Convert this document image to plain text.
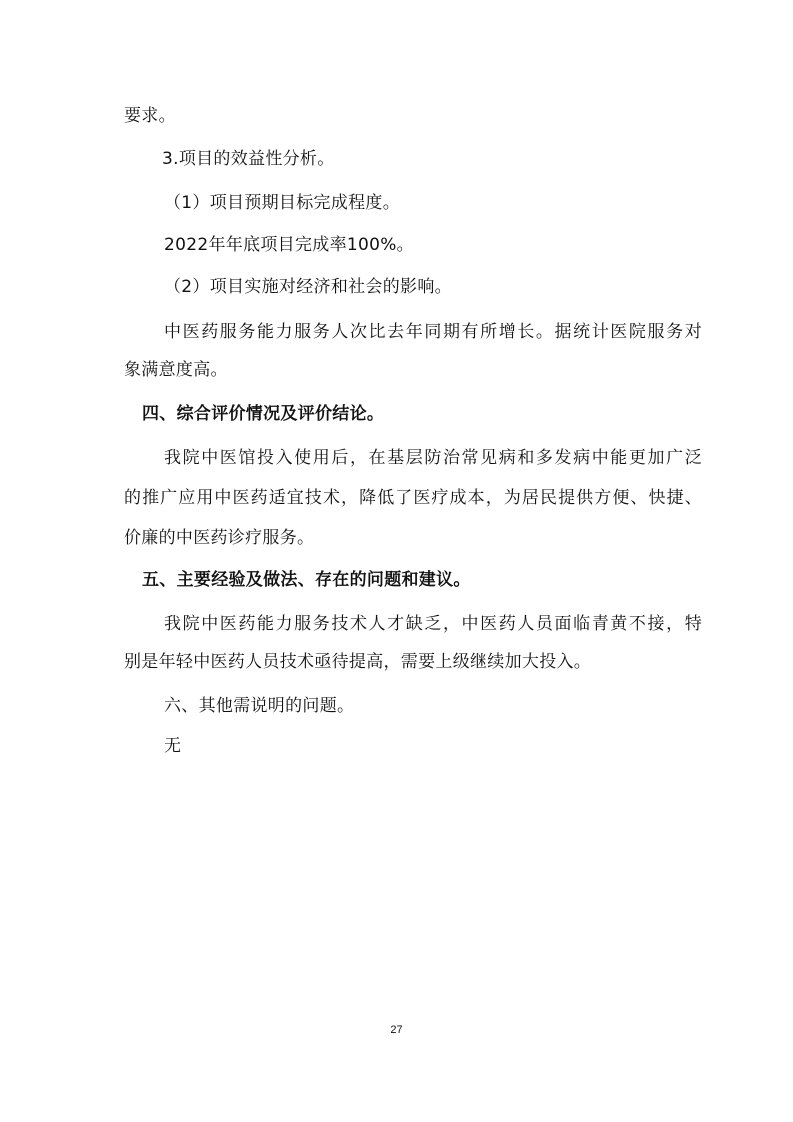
要求。
3.项目的效益性分析。
（1）项目预期目标完成程度。
2022年年底项目完成率100%。
（2）项目实施对经济和社会的影响。
中医药服务能力服务人次比去年同期有所增长。据统计医院服务对
象满意度高。
四、综合评价情况及评价结论。
我院中医馆投入使用后，在基层防治常见病和多发病中能更加广泛
的推广应用中医药适宜技术，降低了医疗成本，为居民提供方便、快捷、
价廉的中医药诊疗服务。
五、主要经验及做法、存在的问题和建议。
我院中医药能力服务技术人才缺乏，中医药人员面临青黄不接，特
别是年轻中医药人员技术亟待提高，需要上级继续加大投入。
六、其他需说明的问题。
无
27
